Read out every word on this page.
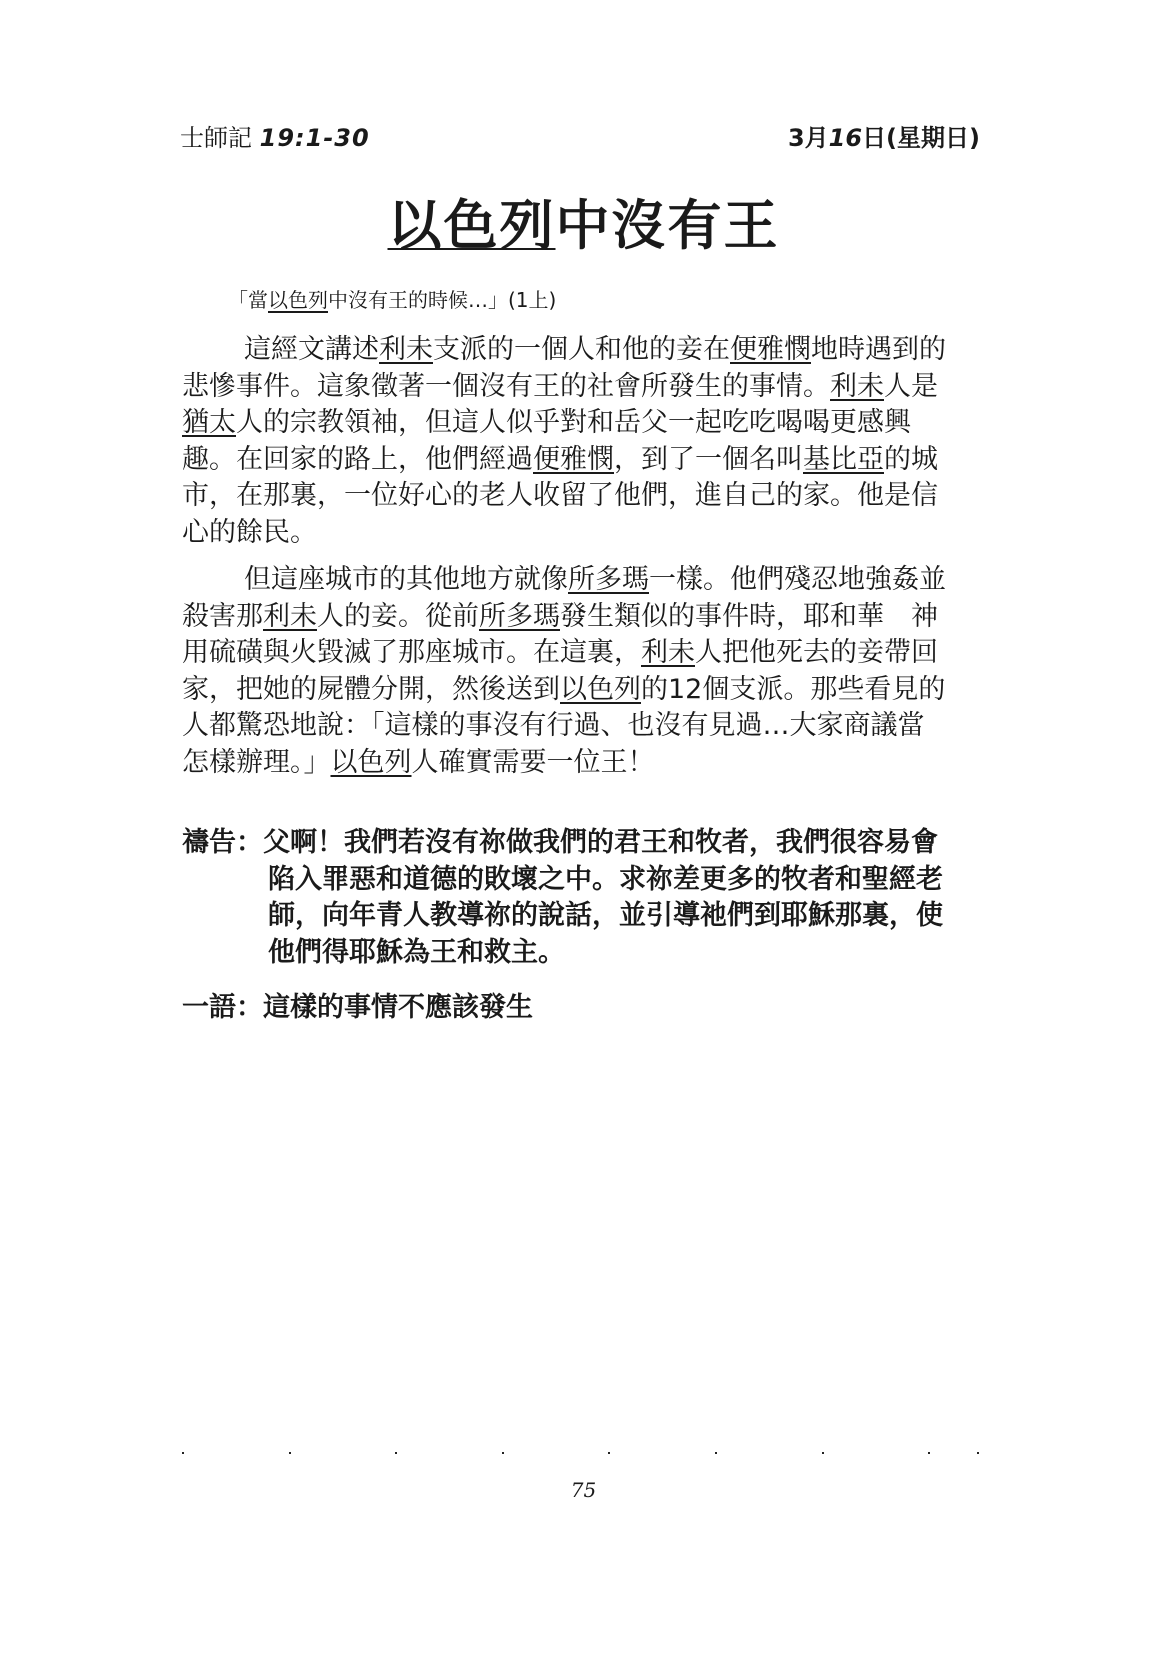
士師記 19:1-30	3月16日(星期日)
以色列中沒有王
「當以色列中沒有王的時候…」(1上)
這經文講述利未支派的一個人和他的妾在便雅憫地時遇到的
悲慘事件。這象徵著一個沒有王的社會所發生的事情。利未人是
猶太人的宗教領袖，但這人似乎對和岳父一起吃吃喝喝更感興
趣。在回家的路上，他們經過便雅憫，到了一個名叫基比亞的城
市，在那裏，一位好心的老人收留了他們，進自己的家。他是信
心的餘民。
但這座城市的其他地方就像所多瑪一樣。他們殘忍地強姦並
殺害那利未人的妾。從前所多瑪發生類似的事件時，耶和華　神
用硫磺與火毀滅了那座城市。在這裏，利未人把他死去的妾帶回
家，把她的屍體分開，然後送到以色列的12個支派。那些看見的
人都驚恐地說：「這樣的事沒有行過、也沒有見過…大家商議當
怎樣辦理。」以色列人確實需要一位王！
禱告：父啊！我們若沒有祢做我們的君王和牧者，我們很容易會
陷入罪惡和道德的敗壞之中。求祢差更多的牧者和聖經老
師，向年青人教導祢的說話，並引導祂們到耶穌那裏，使
他們得耶穌為王和救主。
一語：這樣的事情不應該發生
75
